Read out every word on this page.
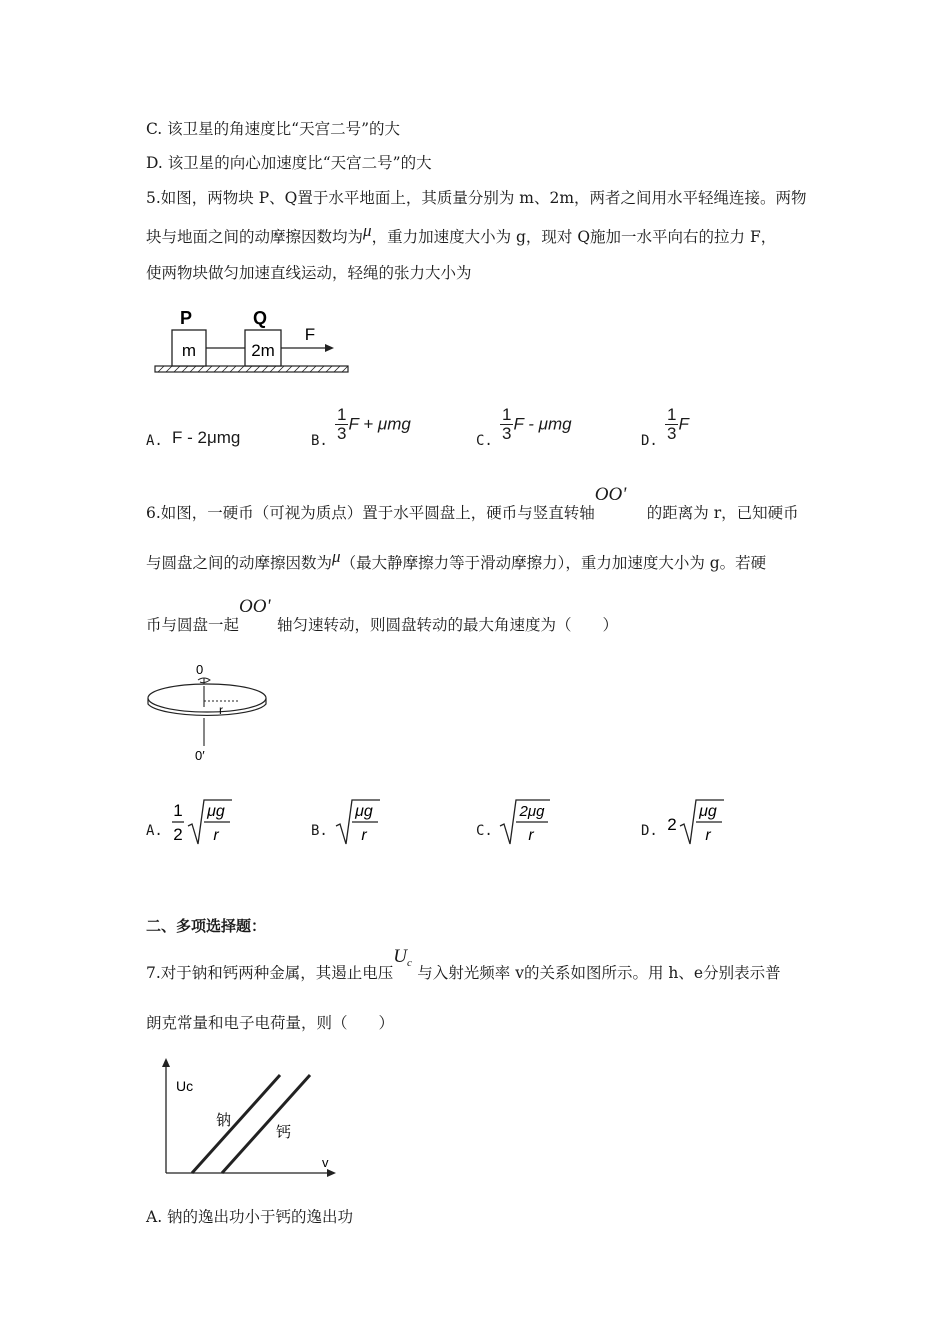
C. 该卫星的角速度比“天宫二号”的大
D. 该卫星的向心加速度比“天宫二号”的大
5.如图，两物块 P、Q置于水平地面上，其质量分别为 m、2m，两者之间用水平轻绳连接。两物
块与地面之间的动摩擦因数均为μ，重力加速度大小为 g，现对 Q施加一水平向右的拉力 F，
使两物块做匀加速直线运动，轻绳的张力大小为
m
P
2m
Q
F
A. F - 2μmg	B. $\frac{1}{3}$ F + μmg
C. $\frac{1}{3}$ F - μmg
D. $\frac{1}{3}$ F
6.如图，一硬币（可视为质点）置于水平圆盘上，硬币与竖直转轴OO'的距离为 r，已知硬币
与圆盘之间的动摩擦因数为μ（最大静摩擦力等于滑动摩擦力），重力加速度大小为 g。若硬
币与圆盘一起OO'轴匀速转动，则圆盘转动的最大角速度为（　　）
0
r
0′
A.
1
2
μg
r	B.
μg
r	C.
2μg
r	D. 2
μg
r
二、多项选择题：
7.对于钠和钙两种金属，其遏止电压$U_c$与入射光频率 v的关系如图所示。用 h、e分别表示普
朗克常量和电子电荷量，则（　　）
Uc
v
钠
钙
A. 钠的逸出功小于钙的逸出功
